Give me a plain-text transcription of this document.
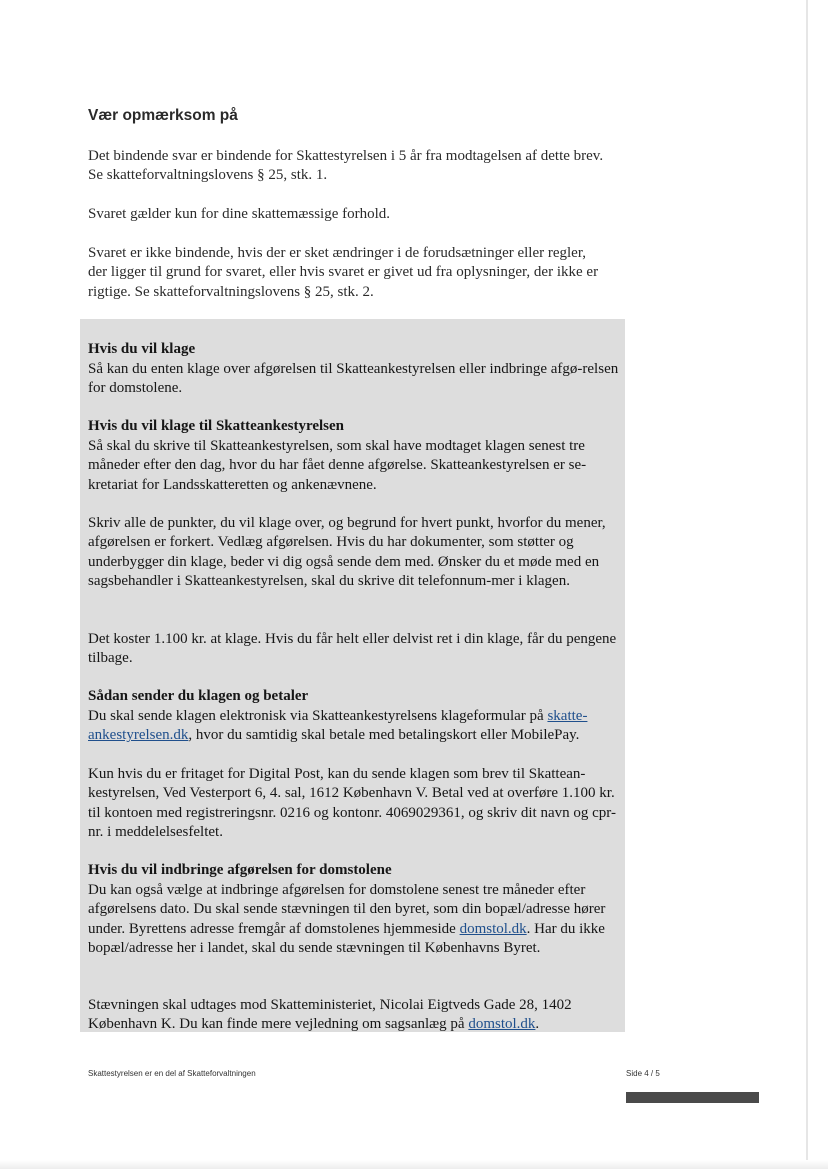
Vær opmærksom på

Det bindende svar er bindende for Skattestyrelsen i 5 år fra modtagelsen af dette brev. Se skatteforvaltningslovens § 25, stk. 1.

Svaret gælder kun for dine skattemæssige forhold.

Svaret er ikke bindende, hvis der er sket ændringer i de forudsætninger eller regler, der ligger til grund for svaret, eller hvis svaret er givet ud fra oplysninger, der ikke er rigtige. Se skatteforvaltningslovens § 25, stk. 2.

Hvis du vil klage

Så kan du enten klage over afgørelsen til Skatteankestyrelsen eller indbringe afgø-relsen for domstolene.

Hvis du vil klage til Skatteankestyrelsen

Så skal du skrive til Skatteankestyrelsen, som skal have modtaget klagen senest tre måneder efter den dag, hvor du har fået denne afgørelse. Skatteankestyrelsen er se-kretariat for Landsskatteretten og ankenævnene.

Skriv alle de punkter, du vil klage over, og begrund for hvert punkt, hvorfor du mener, afgørelsen er forkert. Vedlæg afgørelsen. Hvis du har dokumenter, som støtter og underbygger din klage, beder vi dig også sende dem med. Ønsker du et møde med en sagsbehandler i Skatteankestyrelsen, skal du skrive dit telefonnum-mer i klagen.

Det koster 1.100 kr. at klage. Hvis du får helt eller delvist ret i din klage, får du pengene tilbage.

Sådan sender du klagen og betaler

Du skal sende klagen elektronisk via Skatteankestyrelsens klageformular på skatte-ankestyrelsen.dk, hvor du samtidig skal betale med betalingskort eller MobilePay.

Kun hvis du er fritaget for Digital Post, kan du sende klagen som brev til Skattean-kestyrelsen, Ved Vesterport 6, 4. sal, 1612 København V. Betal ved at overføre 1.100 kr. til kontoen med registreringsnr. 0216 og kontonr. 4069029361, og skriv dit navn og cpr-nr. i meddelelsesfeltet.

Hvis du vil indbringe afgørelsen for domstolene

Du kan også vælge at indbringe afgørelsen for domstolene senest tre måneder efter afgørelsens dato. Du skal sende stævningen til den byret, som din bopæl/adresse hører under. Byrettens adresse fremgår af domstolenes hjemmeside domstol.dk. Har du ikke bopæl/adresse her i landet, skal du sende stævningen til Københavns Byret.

Stævningen skal udtages mod Skatteministeriet, Nicolai Eigtveds Gade 28, 1402 København K. Du kan finde mere vejledning om sagsanlæg på domstol.dk.

Skattestyrelsen er en del af Skatteforvaltningen	Side 4 / 5
